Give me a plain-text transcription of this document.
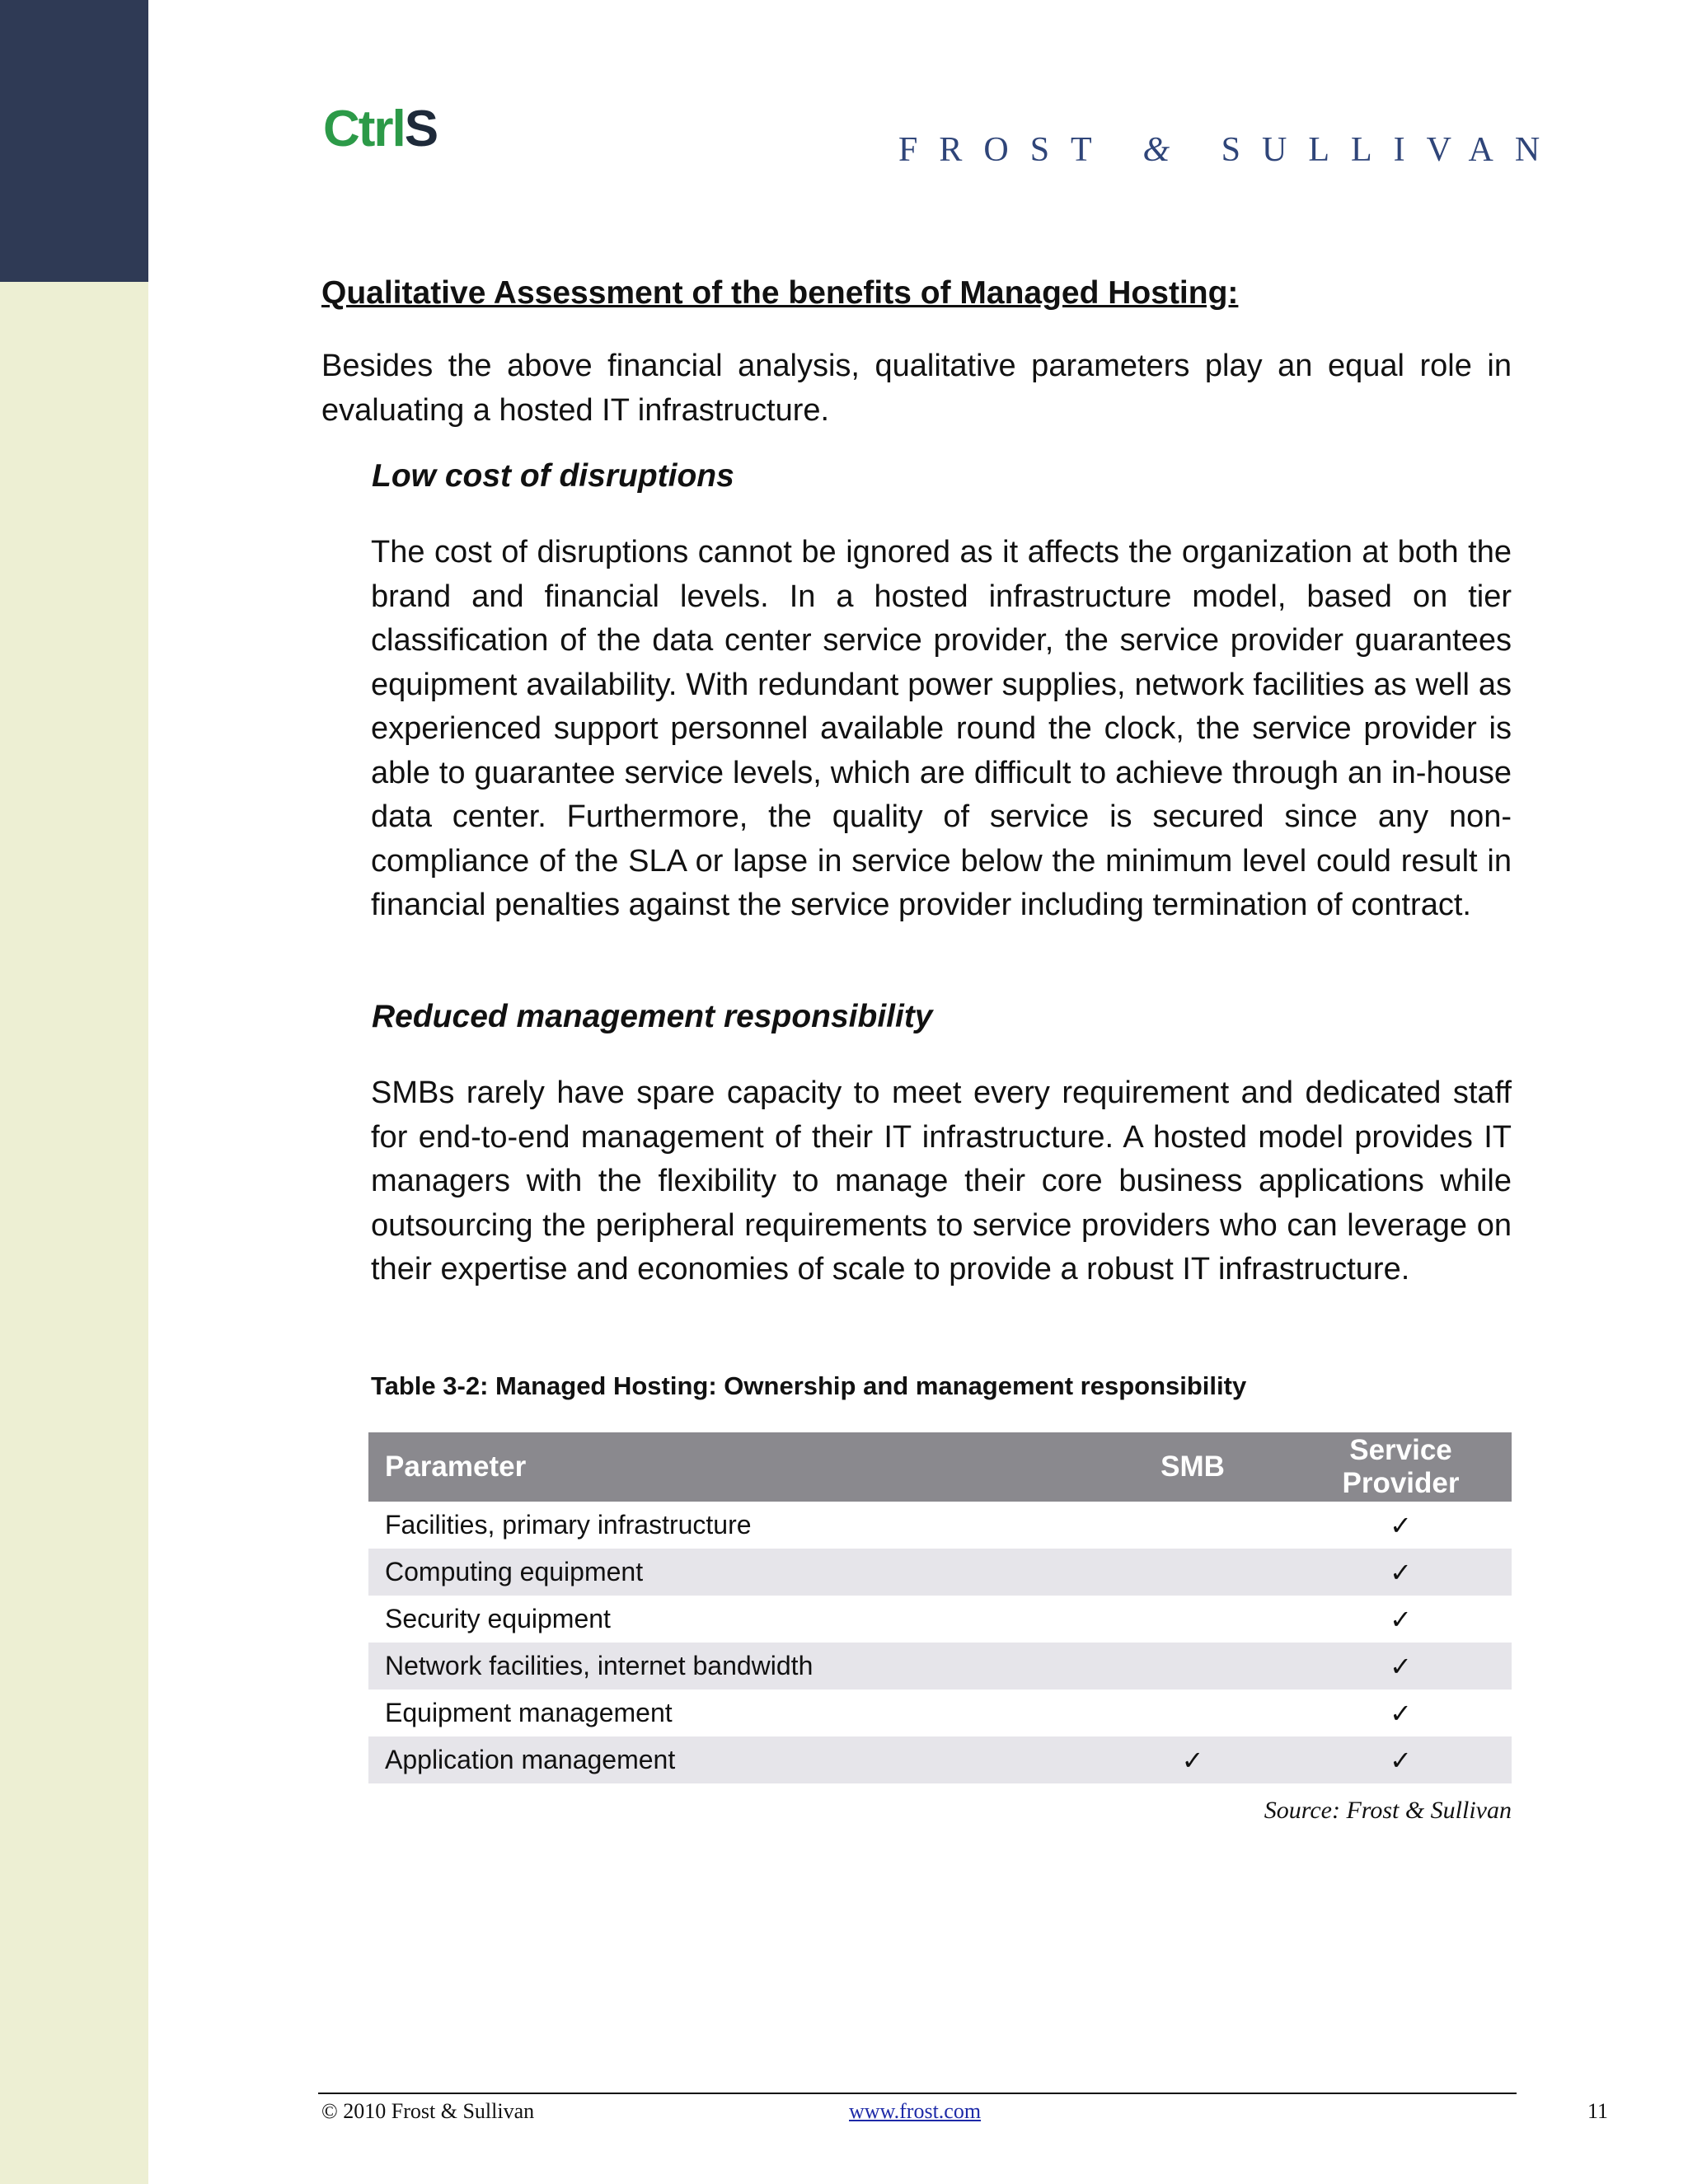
CtrlS	FROST & SULLIVAN
Qualitative Assessment of the benefits of Managed Hosting:
Besides the above financial analysis, qualitative parameters play an equal role in evaluating a hosted IT infrastructure.
Low cost of disruptions
The cost of disruptions cannot be ignored as it affects the organization at both the brand and financial levels. In a hosted infrastructure model, based on tier classification of the data center service provider, the service provider guarantees equipment availability. With redundant power supplies, network facilities as well as experienced support personnel available round the clock, the service provider is able to guarantee service levels, which are difficult to achieve through an in-house data center. Furthermore, the quality of service is secured since any non-compliance of the SLA or lapse in service below the minimum level could result in financial penalties against the service provider including termination of contract.
Reduced management responsibility
SMBs rarely have spare capacity to meet every requirement and dedicated staff for end-to-end management of their IT infrastructure. A hosted model provides IT managers with the flexibility to manage their core business applications while outsourcing the peripheral requirements to service providers who can leverage on their expertise and economies of scale to provide a robust IT infrastructure.
Table 3-2: Managed Hosting: Ownership and management responsibility
Parameter	SMB	Service
Provider
Facilities, primary infrastructure		✓
Computing equipment		✓
Security equipment		✓
Network facilities, internet bandwidth		✓
Equipment management		✓
Application management	✓	✓
Source: Frost & Sullivan
© 2010 Frost & Sullivan	www.frost.com	11
